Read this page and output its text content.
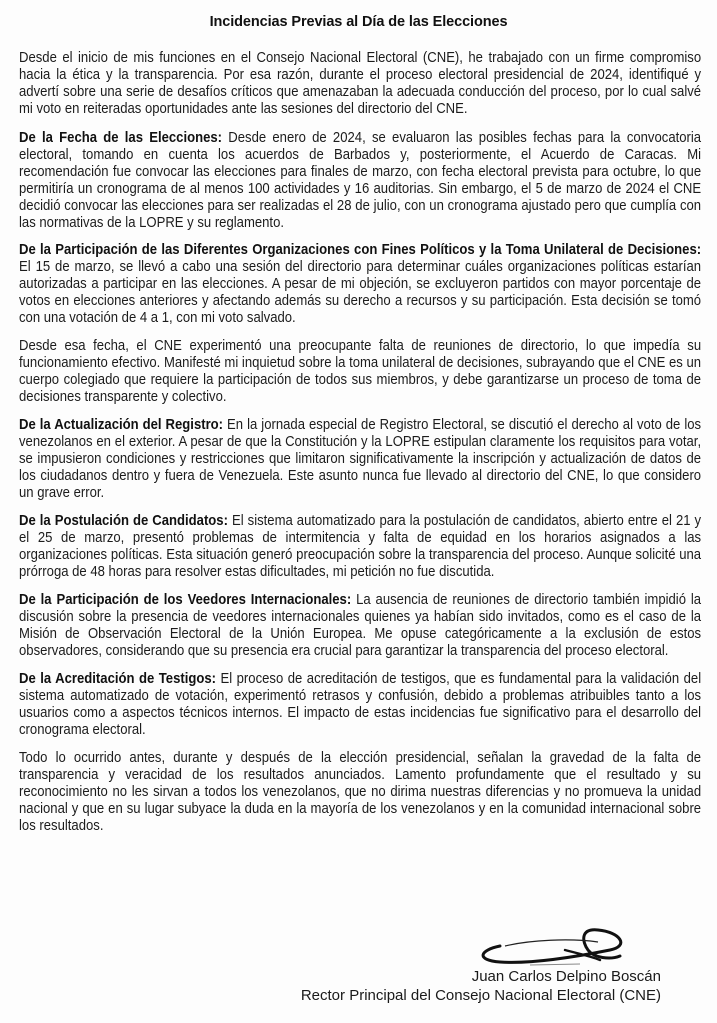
Incidencias Previas al Día de las Elecciones

Desde el inicio de mis funciones en el Consejo Nacional Electoral (CNE), he trabajado con un firme compromiso hacia la ética y la transparencia. Por esa razón, durante el proceso electoral presidencial de 2024, identifiqué y advertí sobre una serie de desafíos críticos que amenazaban la adecuada conducción del proceso, por lo cual salvé mi voto en reiteradas oportunidades ante las sesiones del directorio del CNE.

De la Fecha de las Elecciones: Desde enero de 2024, se evaluaron las posibles fechas para la convocatoria electoral, tomando en cuenta los acuerdos de Barbados y, posteriormente, el Acuerdo de Caracas. Mi recomendación fue convocar las elecciones para finales de marzo, con fecha electoral prevista para octubre, lo que permitiría un cronograma de al menos 100 actividades y 16 auditorias. Sin embargo, el 5 de marzo de 2024 el CNE decidió convocar las elecciones para ser realizadas el 28 de julio, con un cronograma ajustado pero que cumplía con las normativas de la LOPRE y su reglamento.

De la Participación de las Diferentes Organizaciones con Fines Políticos y la Toma Unilateral de Decisiones: El 15 de marzo, se llevó a cabo una sesión del directorio para determinar cuáles organizaciones políticas estarían autorizadas a participar en las elecciones. A pesar de mi objeción, se excluyeron partidos con mayor porcentaje de votos en elecciones anteriores y afectando además su derecho a recursos y su participación. Esta decisión se tomó con una votación de 4 a 1, con mi voto salvado.

Desde esa fecha, el CNE experimentó una preocupante falta de reuniones de directorio, lo que impedía su funcionamiento efectivo. Manifesté mi inquietud sobre la toma unilateral de decisiones, subrayando que el CNE es un cuerpo colegiado que requiere la participación de todos sus miembros, y debe garantizarse un proceso de toma de decisiones transparente y colectivo.

De la Actualización del Registro: En la jornada especial de Registro Electoral, se discutió el derecho al voto de los venezolanos en el exterior. A pesar de que la Constitución y la LOPRE estipulan claramente los requisitos para votar, se impusieron condiciones y restricciones que limitaron significativamente la inscripción y actualización de datos de los ciudadanos dentro y fuera de Venezuela. Este asunto nunca fue llevado al directorio del CNE, lo que considero un grave error.

De la Postulación de Candidatos: El sistema automatizado para la postulación de candidatos, abierto entre el 21 y el 25 de marzo, presentó problemas de intermitencia y falta de equidad en los horarios asignados a las organizaciones políticas. Esta situación generó preocupación sobre la transparencia del proceso. Aunque solicité una prórroga de 48 horas para resolver estas dificultades, mi petición no fue discutida.

De la Participación de los Veedores Internacionales: La ausencia de reuniones de directorio también impidió la discusión sobre la presencia de veedores internacionales quienes ya habían sido invitados, como es el caso de la Misión de Observación Electoral de la Unión Europea. Me opuse categóricamente a la exclusión de estos observadores, considerando que su presencia era crucial para garantizar la transparencia del proceso electoral.

De la Acreditación de Testigos: El proceso de acreditación de testigos, que es fundamental para la validación del sistema automatizado de votación, experimentó retrasos y confusión, debido a problemas atribuibles tanto a los usuarios como a aspectos técnicos internos. El impacto de estas incidencias fue significativo para el desarrollo del cronograma electoral.

Todo lo ocurrido antes, durante y después de la elección presidencial, señalan la gravedad de la falta de transparencia y veracidad de los resultados anunciados. Lamento profundamente que el resultado y su reconocimiento no les sirvan a todos los venezolanos, que no dirima nuestras diferencias y no promueva la unidad nacional y que en su lugar subyace la duda en la mayoría de los venezolanos y en la comunidad internacional sobre los resultados.

Juan Carlos Delpino Boscán
Rector Principal del Consejo Nacional Electoral (CNE)
